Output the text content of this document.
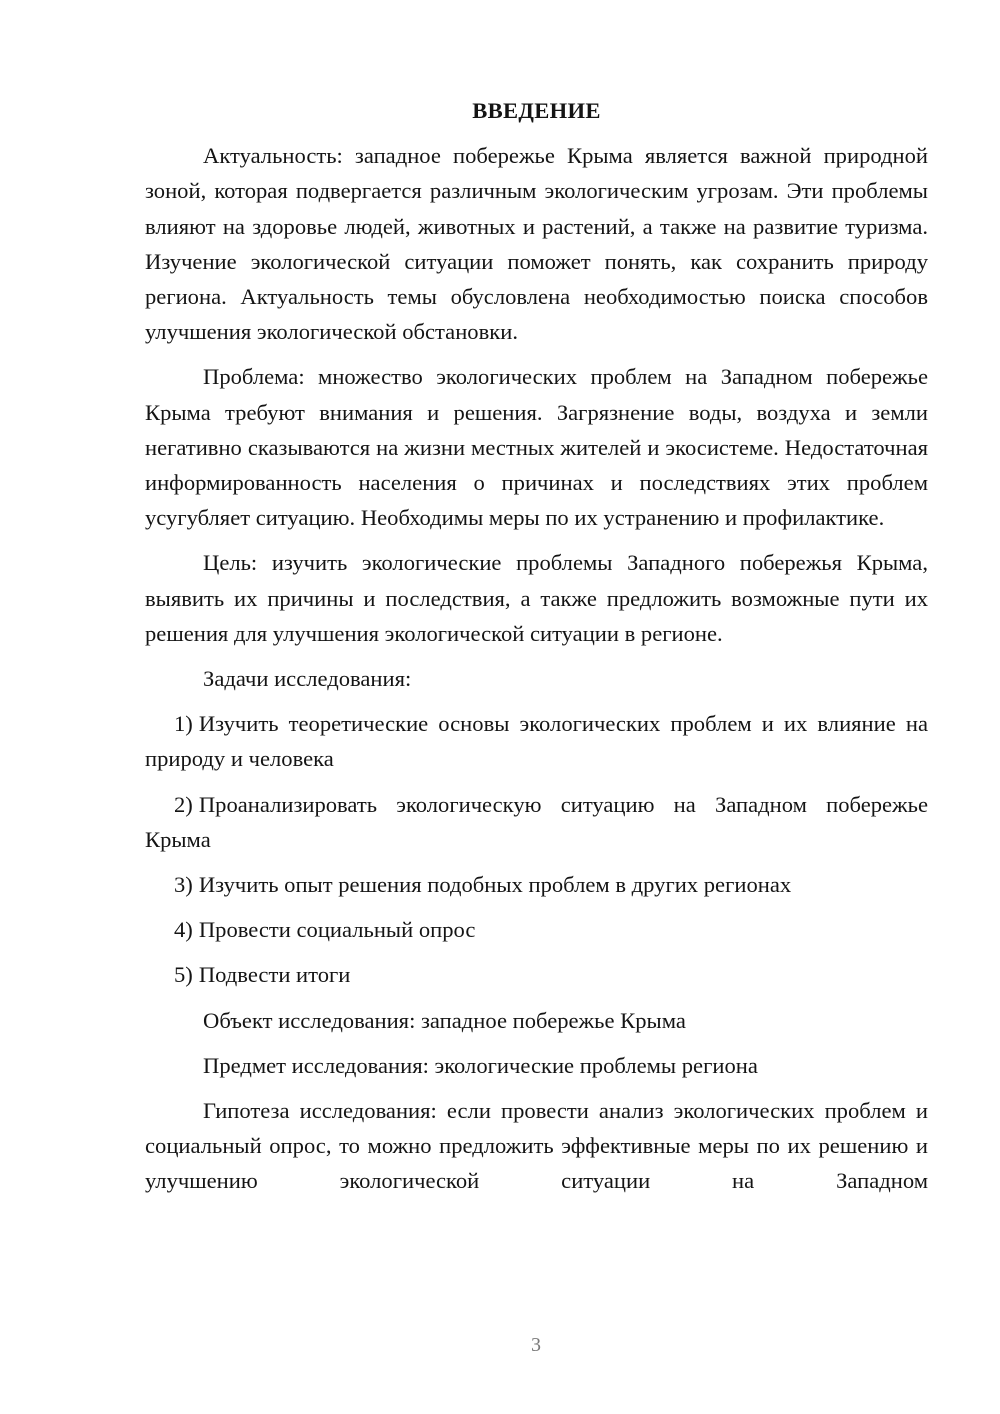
ВВЕДЕНИЕ
Актуальность: западное побережье Крыма является важной природной зоной, которая подвергается различным экологическим угрозам. Эти проблемы влияют на здоровье людей, животных и растений, а также на развитие туризма. Изучение экологической ситуации поможет понять, как сохранить природу региона. Актуальность темы обусловлена необходимостью поиска способов улучшения экологической обстановки.
Проблема: множество экологических проблем на Западном побережье Крыма требуют внимания и решения. Загрязнение воды, воздуха и земли негативно сказываются на жизни местных жителей и экосистеме. Недостаточная информированность населения о причинах и последствиях этих проблем усугубляет ситуацию. Необходимы меры по их устранению и профилактике.
Цель: изучить экологические проблемы Западного побережья Крыма, выявить их причины и последствия, а также предложить возможные пути их решения для улучшения экологической ситуации в регионе.
Задачи исследования:
1) Изучить теоретические основы экологических проблем и их влияние на природу и человека
2) Проанализировать экологическую ситуацию на Западном побережье Крыма
3) Изучить опыт решения подобных проблем в других регионах
4) Провести социальный опрос
5) Подвести итоги
Объект исследования: западное побережье Крыма
Предмет исследования: экологические проблемы региона
Гипотеза исследования: если провести анализ экологических проблем и социальный опрос, то можно предложить эффективные меры по их решению и улучшению экологической ситуации на Западном
3
